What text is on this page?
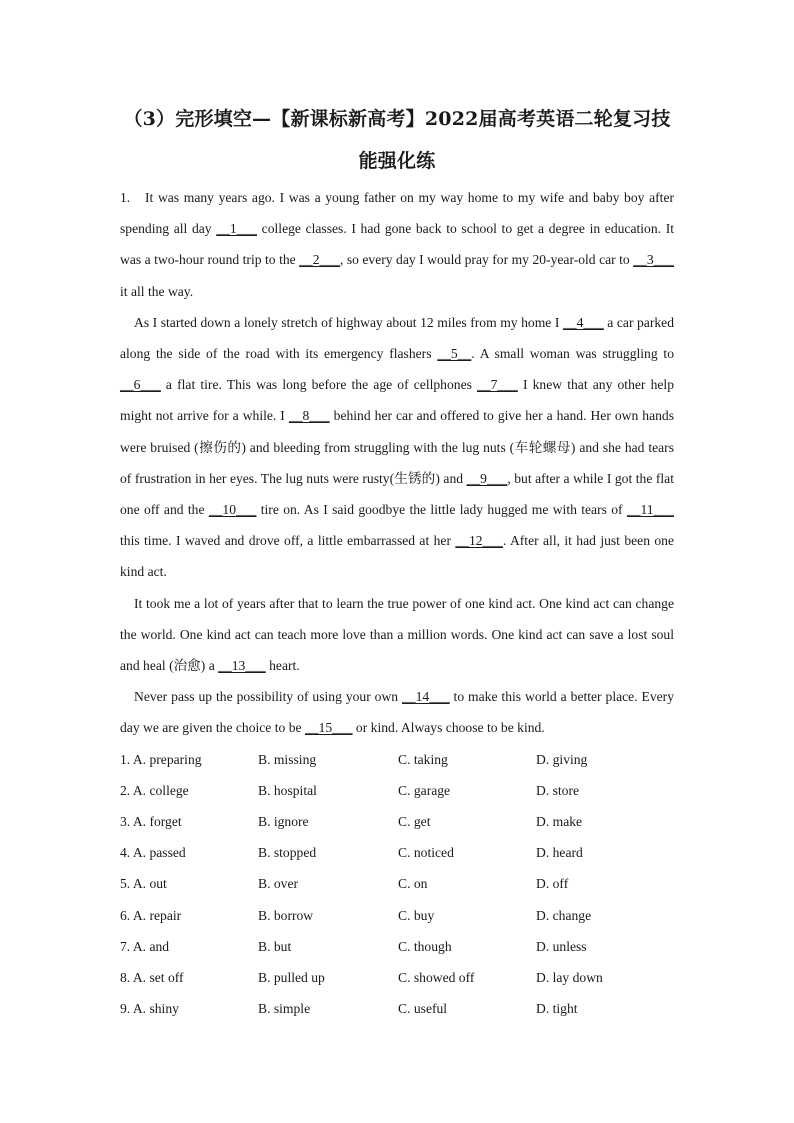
（3）完形填空—【新课标新高考】2022届高考英语二轮复习技
能强化练

1. It was many years ago. I was a young father on my way home to my wife and baby boy after spending all day __1___ college classes. I had gone back to school to get a degree in education. It was a two-hour round trip to the __2___, so every day I would pray for my 20-year-old car to __3___ it all the way.

As I started down a lonely stretch of highway about 12 miles from my home I __4___ a car parked along the side of the road with its emergency flashers __5__. A small woman was struggling to __6___ a flat tire. This was long before the age of cellphones __7___ I knew that any other help might not arrive for a while. I __8___ behind her car and offered to give her a hand. Her own hands were bruised (擦伤的) and bleeding from struggling with the lug nuts (车轮螺母) and she had tears of frustration in her eyes. The lug nuts were rusty(生锈的) and __9___, but after a while I got the flat one off and the __10___ tire on. As I said goodbye the little lady hugged me with tears of __11___ this time. I waved and drove off, a little embarrassed at her __12___. After all, it had just been one kind act.

It took me a lot of years after that to learn the true power of one kind act. One kind act can change the world. One kind act can teach more love than a million words. One kind act can save a lost soul and heal (治愈) a __13___ heart.

Never pass up the possibility of using your own __14___ to make this world a better place. Every day we are given the choice to be __15___ or kind. Always choose to be kind.

1. A. preparing	B. missing	C. taking	D. giving
2. A. college	B. hospital	C. garage	D. store
3. A. forget	B. ignore	C. get	D. make
4. A. passed	B. stopped	C. noticed	D. heard
5. A. out	B. over	C. on	D. off
6. A. repair	B. borrow	C. buy	D. change
7. A. and	B. but	C. though	D. unless
8. A. set off	B. pulled up	C. showed off	D. lay down
9. A. shiny	B. simple	C. useful	D. tight
